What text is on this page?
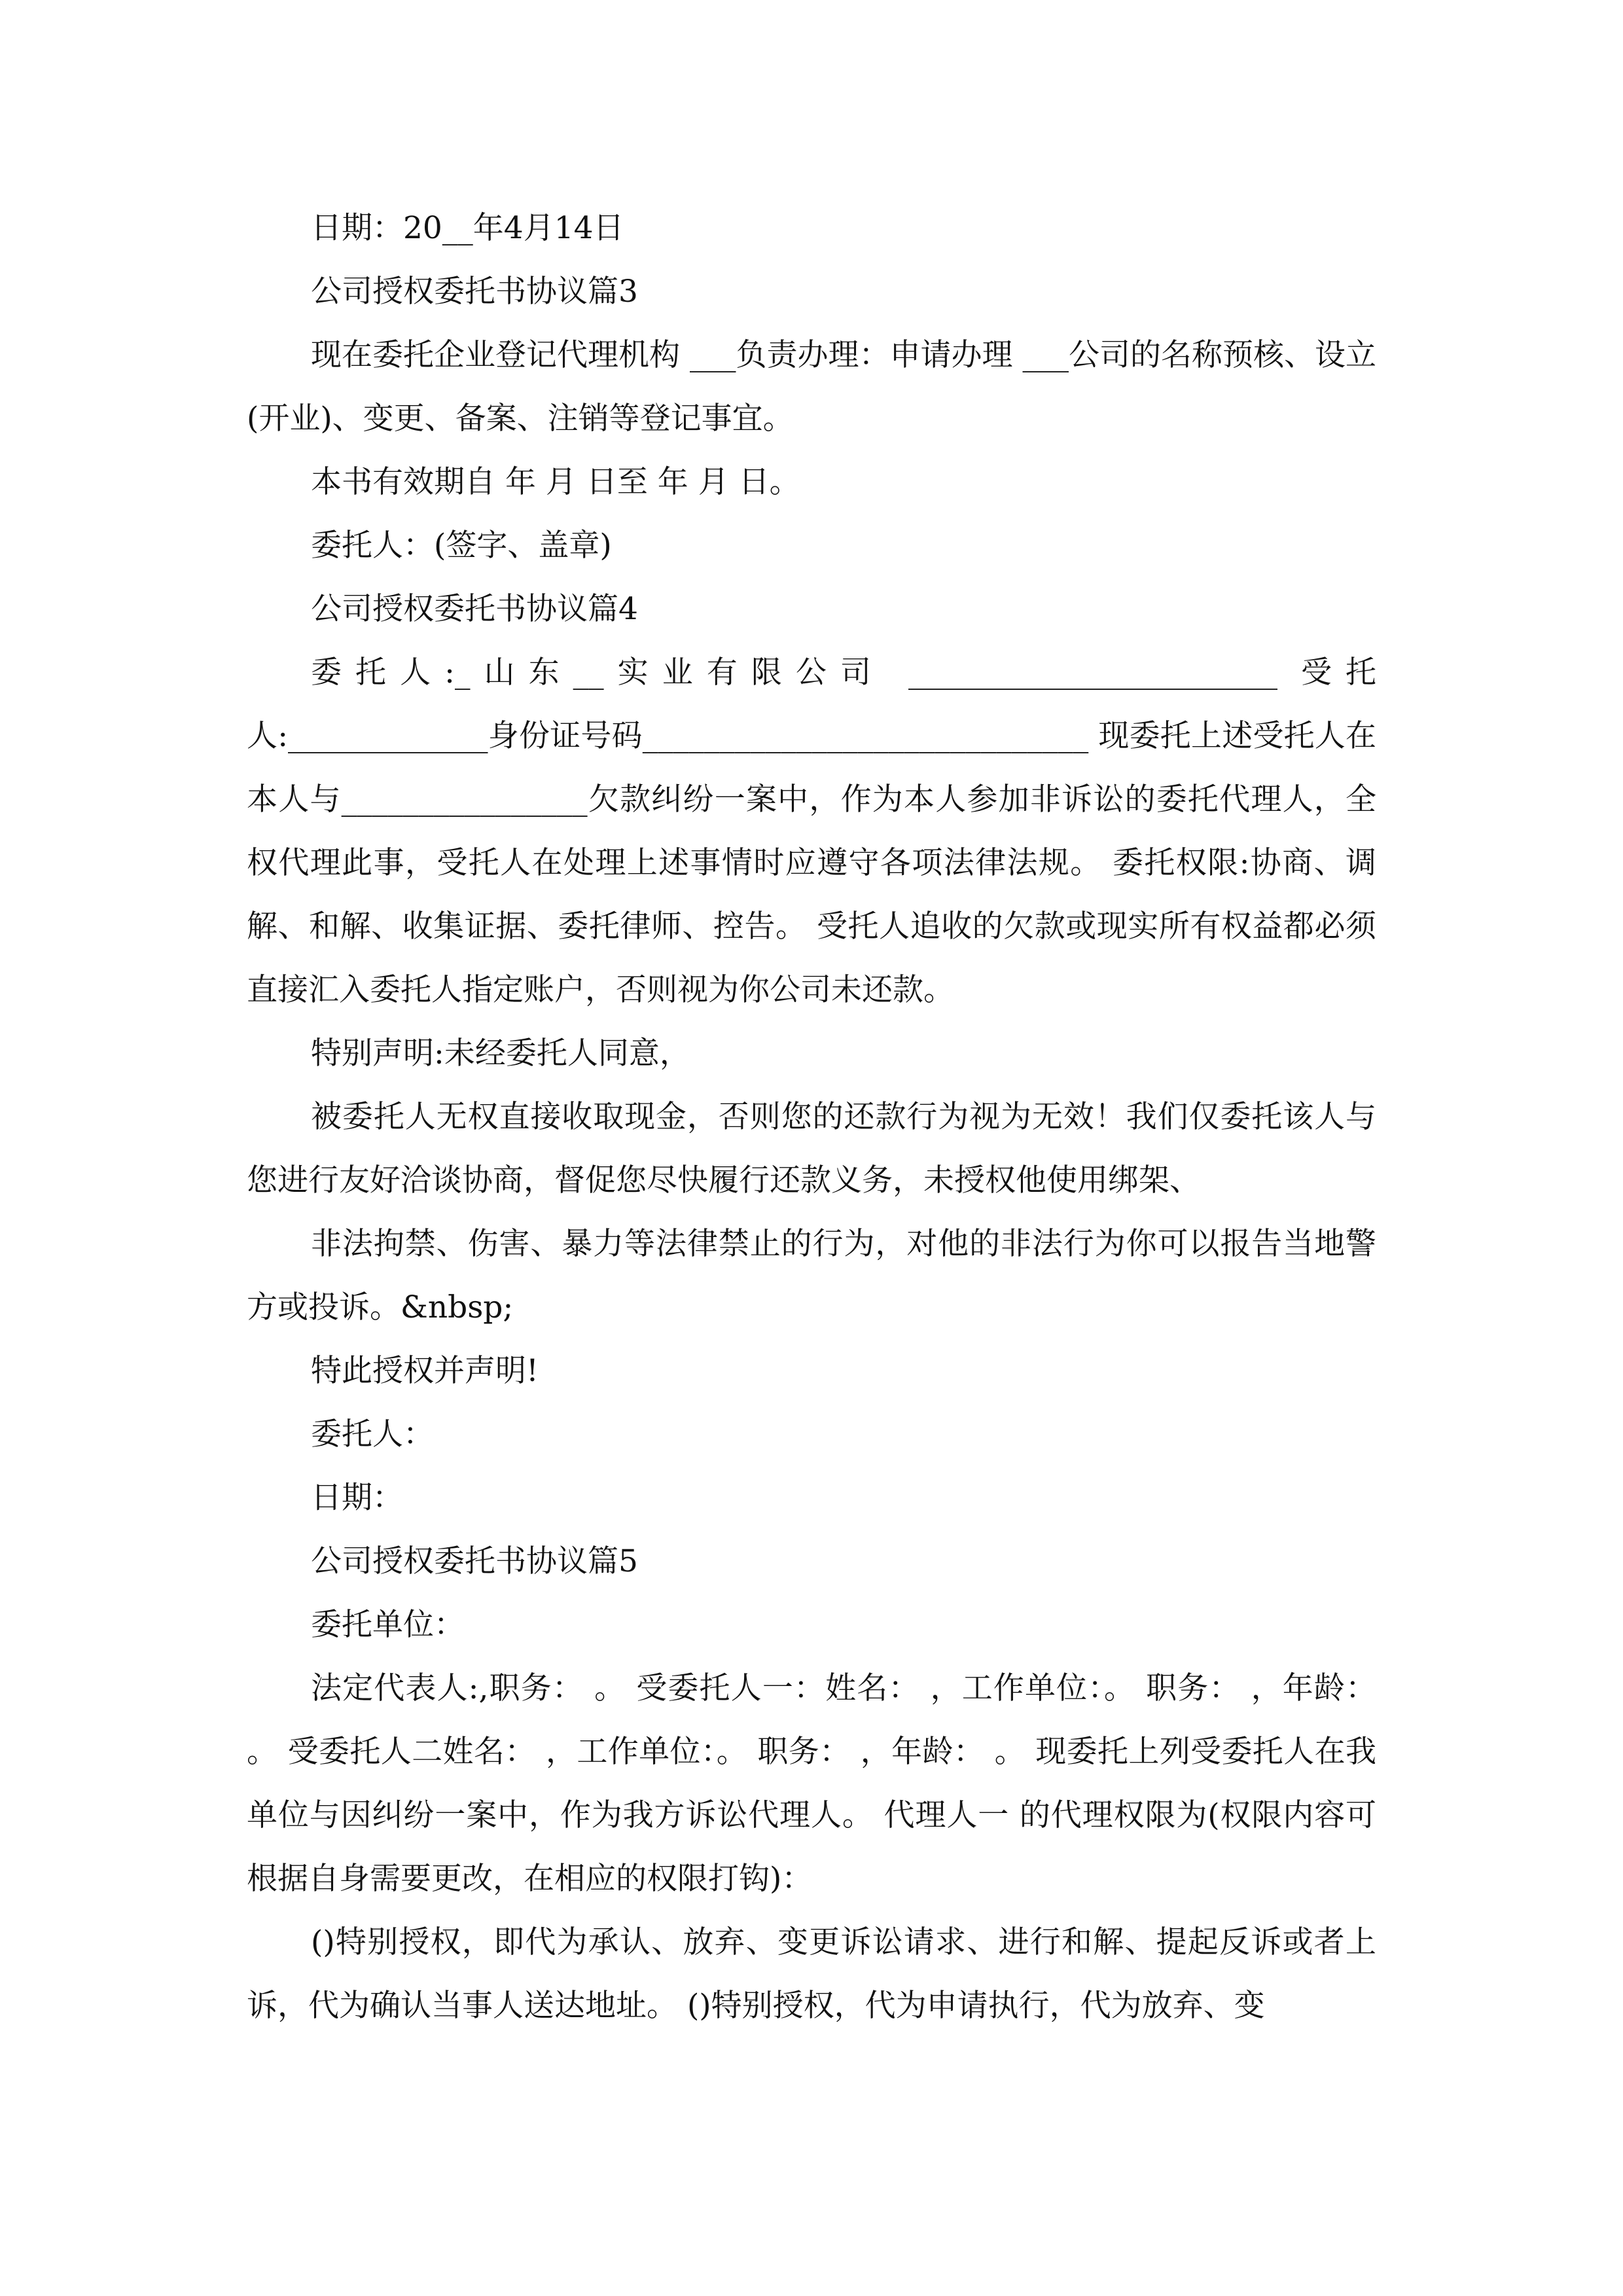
日期：20__年4月14日

公司授权委托书协议篇3

现在委托企业登记代理机构 ___负责办理：申请办理 ___公司的名称预核、设立(开业)、变更、备案、注销等登记事宜。

本书有效期自 年 月 日至 年 月 日。

委托人：(签字、盖章)

公司授权委托书协议篇4

委托人:_山东__实业有限公司 ________________________ 受托人:_____________身份证号码_____________________________ 现委托上述受托人在本人与________________欠款纠纷一案中，作为本人参加非诉讼的委托代理人，全权代理此事，受托人在处理上述事情时应遵守各项法律法规。 委托权限:协商、调解、和解、收集证据、委托律师、控告。 受托人追收的欠款或现实所有权益都必须直接汇入委托人指定账户，否则视为你公司未还款。

特别声明:未经委托人同意，

被委托人无权直接收取现金，否则您的还款行为视为无效！我们仅委托该人与您进行友好洽谈协商，督促您尽快履行还款义务，未授权他使用绑架、

非法拘禁、伤害、暴力等法律禁止的行为，对他的非法行为你可以报告当地警方或投诉。&nbsp;

特此授权并声明!

委托人：

日期：

公司授权委托书协议篇5

委托单位：

法定代表人:,职务： 。 受委托人一：姓名： ，工作单位：。 职务： ，年龄： 。 受委托人二姓名： ，工作单位：。 职务： ，年龄： 。 现委托上列受委托人在我单位与因纠纷一案中，作为我方诉讼代理人。 代理人一 的代理权限为(权限内容可根据自身需要更改，在相应的权限打钩)：

()特别授权，即代为承认、放弃、变更诉讼请求、进行和解、提起反诉或者上诉，代为确认当事人送达地址。 ()特别授权，代为申请执行，代为放弃、变
